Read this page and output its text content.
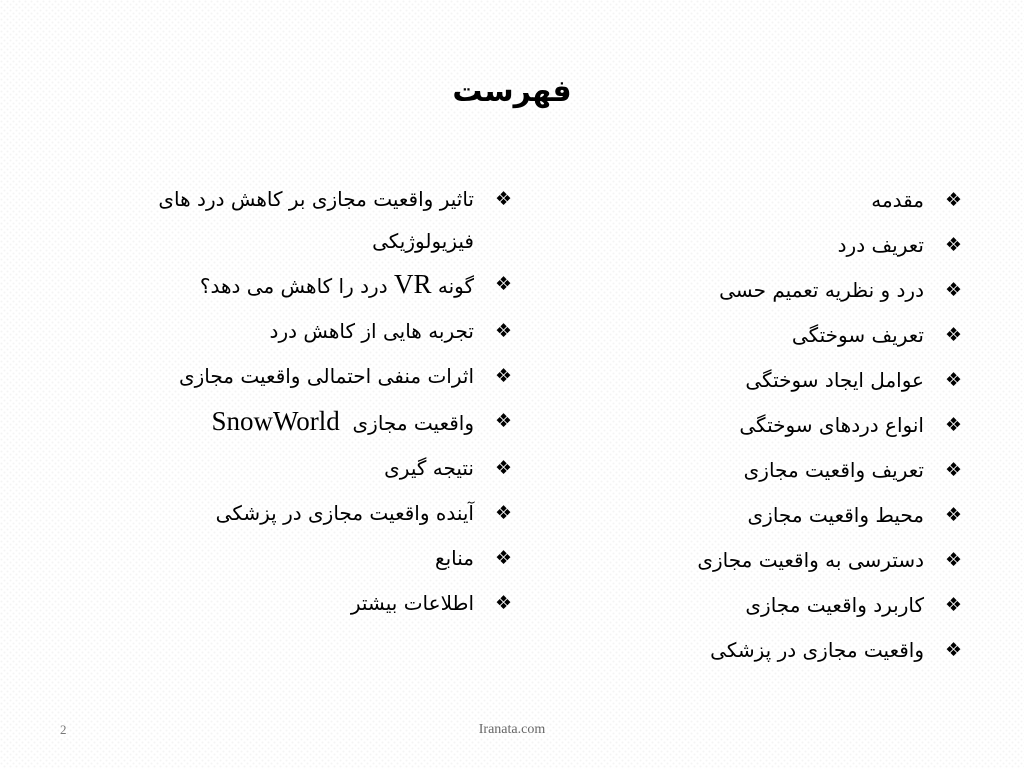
فهرست
❖
مقدمه
❖
تعریف درد
❖
درد و نظریه تعمیم حسی
❖
تعریف سوختگی
❖
عوامل ایجاد سوختگی
❖
انواع دردهای سوختگی
❖
تعریف واقعیت مجازی
❖
محیط واقعیت مجازی
❖
دسترسی به واقعیت مجازی
❖
کاربرد واقعیت مجازی
❖
واقعیت مجازی در پزشکی
❖
تاثیر واقعیت مجازی بر کاهش درد های فیزیولوژیکی
❖
گونه VR درد را کاهش می دهد؟
❖
تجربه هایی از کاهش درد
❖
اثرات منفی احتمالی واقعیت مجازی
❖
واقعیت مجازی  SnowWorld
❖
نتیجه گیری
❖
آینده واقعیت مجازی در پزشکی
❖
منابع
❖
اطلاعات بیشتر
Iranata.com
2
